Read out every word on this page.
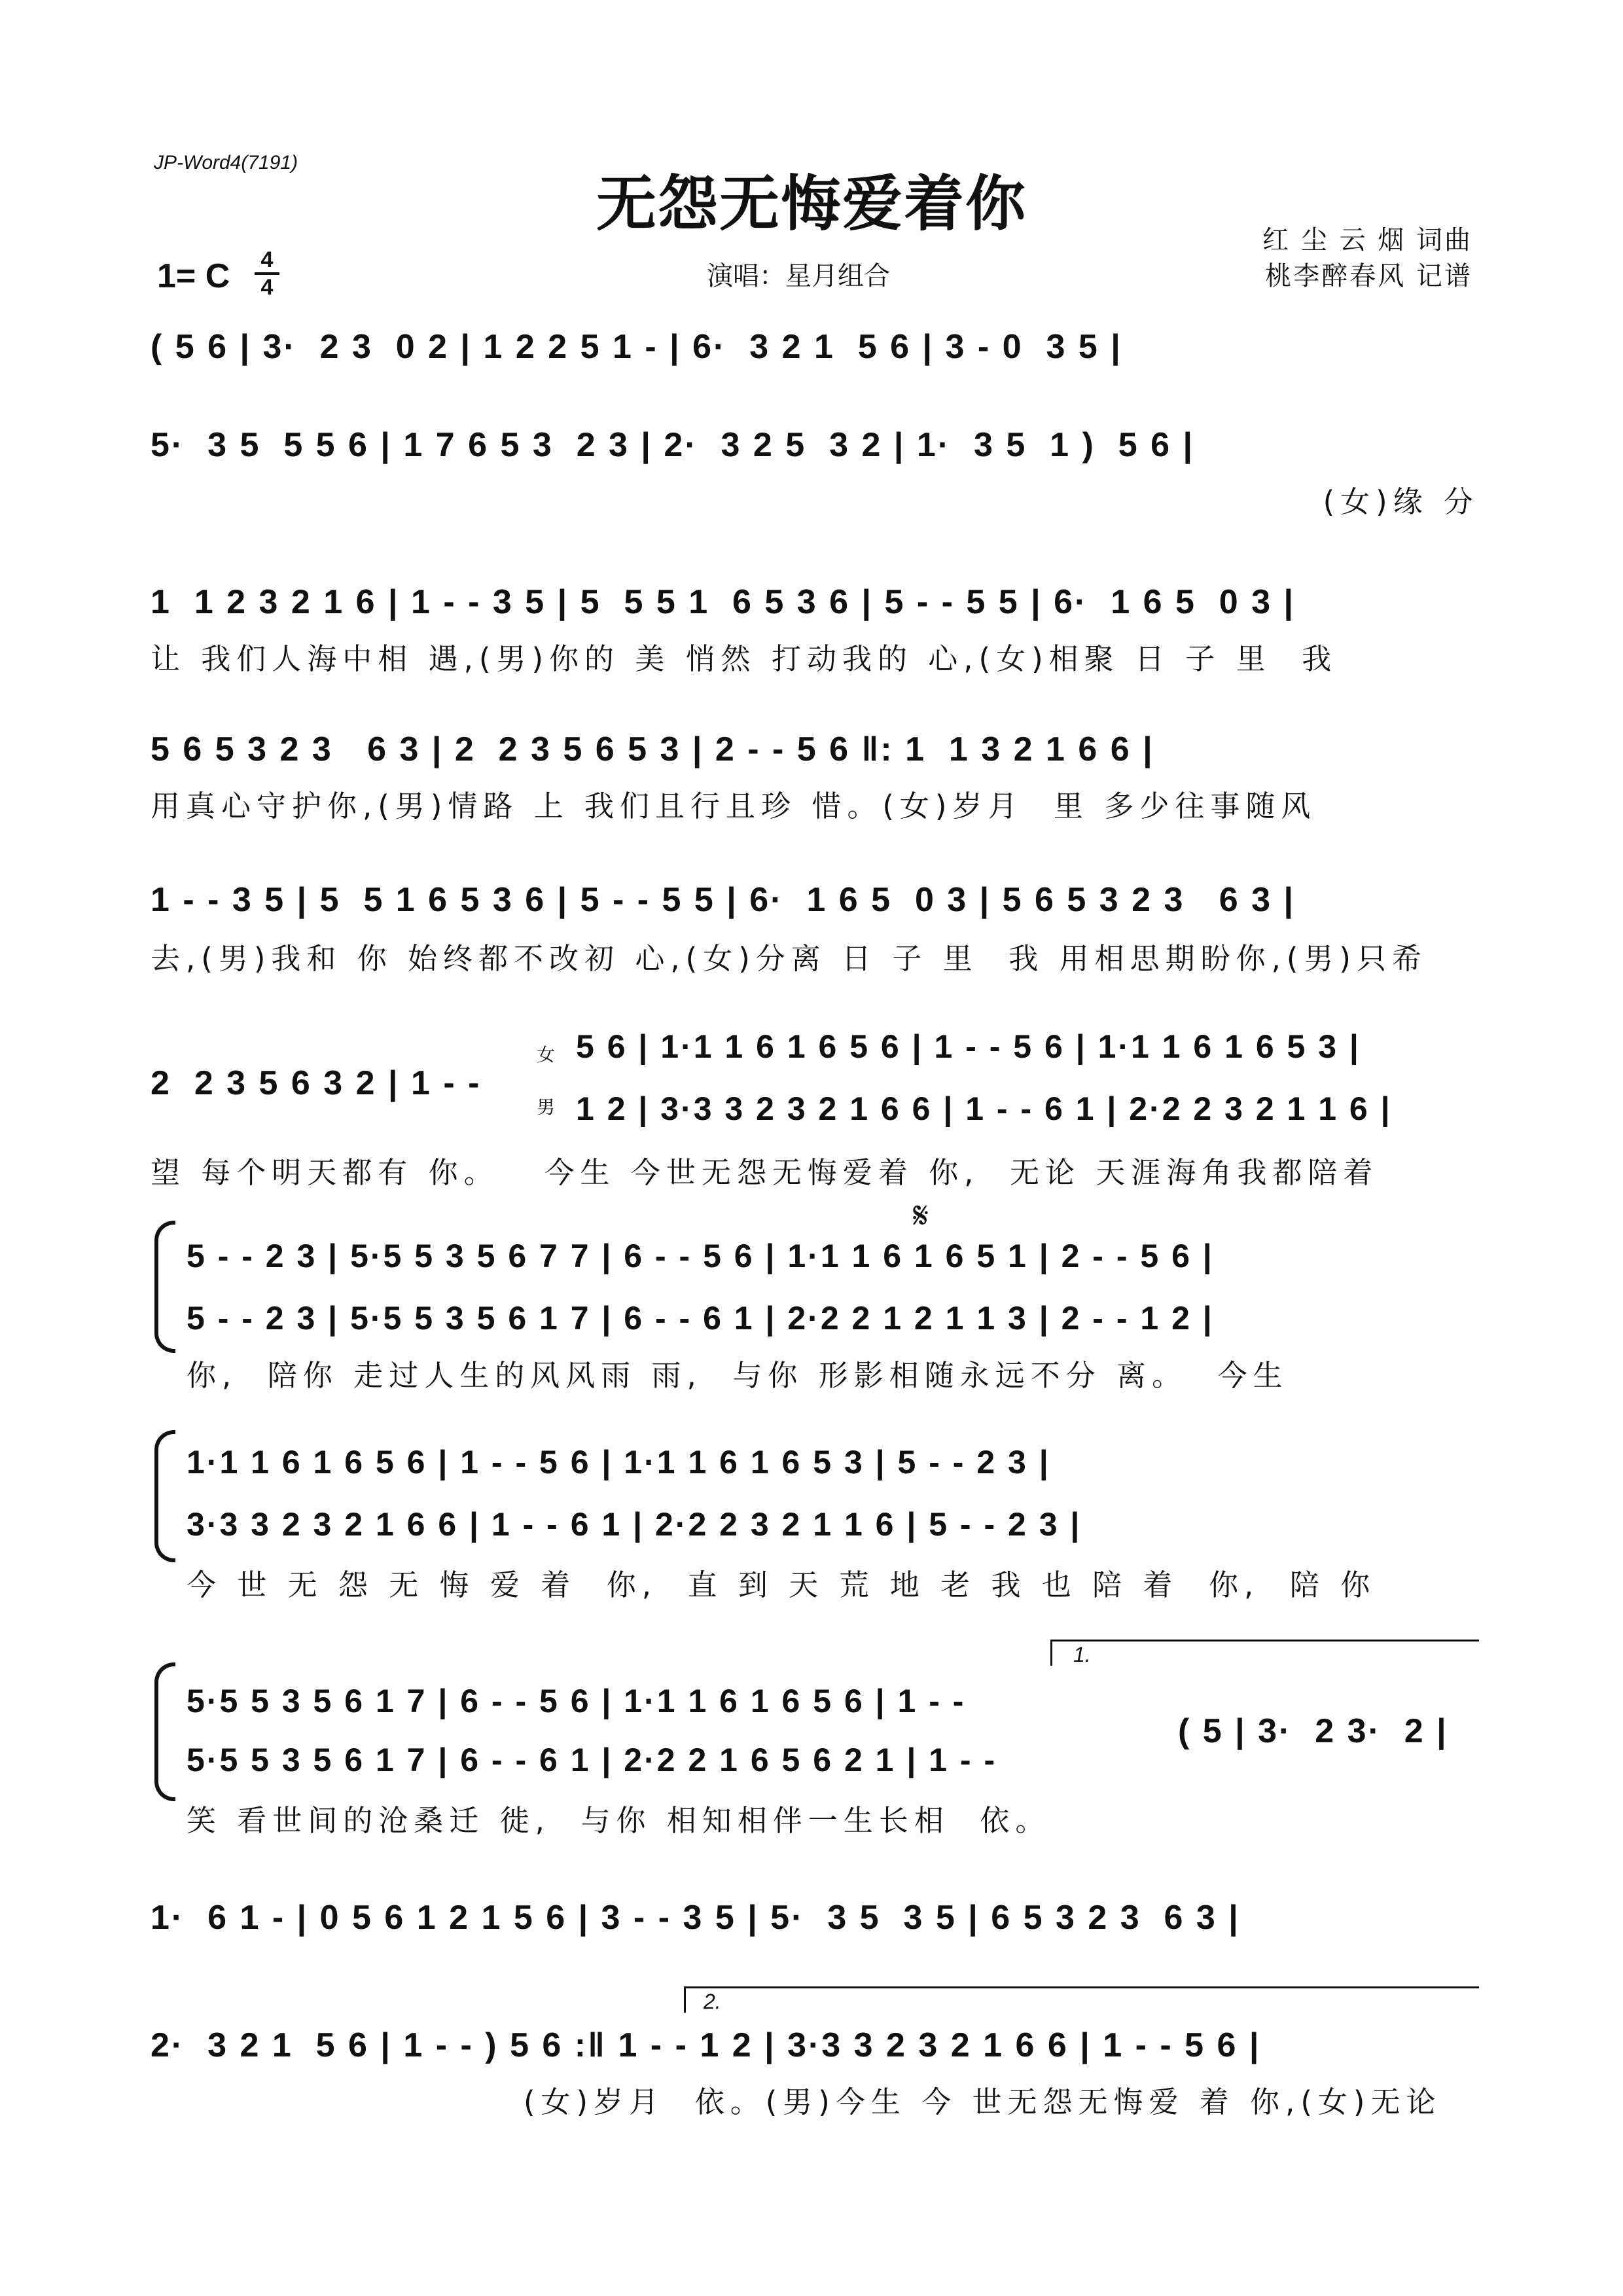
JP-Word4(7191)
无怨无悔爱着你
1= C	4
4	演唱：星月组合
红 尘 云 烟 词曲
桃李醉春风 记谱
( 5 6 | 3·  2 3  0 2 | 1 2 2 5 1 - | 6·  3 2 1  5 6 | 3 - 0  3 5 |
5·  3 5  5 5 6 | 1 7 6 5 3  2 3 | 2·  3 2 5  3 2 | 1·  3 5  1 )  5 6 |
(女)缘 分
1  1 2 3 2 1 6 | 1 - - 3 5 | 5  5 5 1  6 5 3 6 | 5 - - 5 5 | 6·  1 6 5  0 3 |
让 我们人海中相 遇,(男)你的 美 悄然 打动我的 心,(女)相聚 日 子 里  我
5 6 5 3 2 3   6 3 | 2  2 3 5 6 5 3 | 2 - - 5 6 ‖: 1  1 3 2 1 6 6 |
用真心守护你,(男)情路 上 我们且行且珍 惜。(女)岁月  里 多少往事随风
1 - - 3 5 | 5  5 1 6 5 3 6 | 5 - - 5 5 | 6·  1 6 5  0 3 | 5 6 5 3 2 3   6 3 |
去,(男)我和 你 始终都不改初 心,(女)分离 日 子 里  我 用相思期盼你,(男)只希
2  2 3 5 6 3 2 | 1 - -
女
男
5 6 | 1·1 1 6 1 6 5 6 | 1 - - 5 6 | 1·1 1 6 1 6 5 3 |
1 2 | 3·3 3 2 3 2 1 6 6 | 1 - - 6 1 | 2·2 2 3 2 1 1 6 |
望 每个明天都有 你。   今生 今世无怨无悔爱着 你,  无论 天涯海角我都陪着
𝄋
5 - - 2 3 | 5·5 5 3 5 6 7 7 | 6 - - 5 6 | 1·1 1 6 1 6 5 1 | 2 - - 5 6 |
5 - - 2 3 | 5·5 5 3 5 6 1 7 | 6 - - 6 1 | 2·2 2 1 2 1 1 3 | 2 - - 1 2 |
你,  陪你 走过人生的风风雨 雨,  与你 形影相随永远不分 离。  今生
1·1 1 6 1 6 5 6 | 1 - - 5 6 | 1·1 1 6 1 6 5 3 | 5 - - 2 3 |
3·3 3 2 3 2 1 6 6 | 1 - - 6 1 | 2·2 2 3 2 1 1 6 | 5 - - 2 3 |
今 世 无 怨 无 悔 爱 着  你,  直 到 天 荒 地 老 我 也 陪 着  你,  陪 你
1.
5·5 5 3 5 6 1 7 | 6 - - 5 6 | 1·1 1 6 1 6 5 6 | 1 - -
5·5 5 3 5 6 1 7 | 6 - - 6 1 | 2·2 2 1 6 5 6 2 1 | 1 - -
( 5 | 3·  2 3·  2 |
笑 看世间的沧桑迁 徙,  与你 相知相伴一生长相  依。
1·  6 1 - | 0 5 6 1 2 1 5 6 | 3 - - 3 5 | 5·  3 5  3 5 | 6 5 3 2 3  6 3 |
2.
2·  3 2 1  5 6 | 1 - - ) 5 6 :‖ 1 - - 1 2 | 3·3 3 2 3 2 1 6 6 | 1 - - 5 6 |
(女)岁月  依。(男)今生 今 世无怨无悔爱 着 你,(女)无论
